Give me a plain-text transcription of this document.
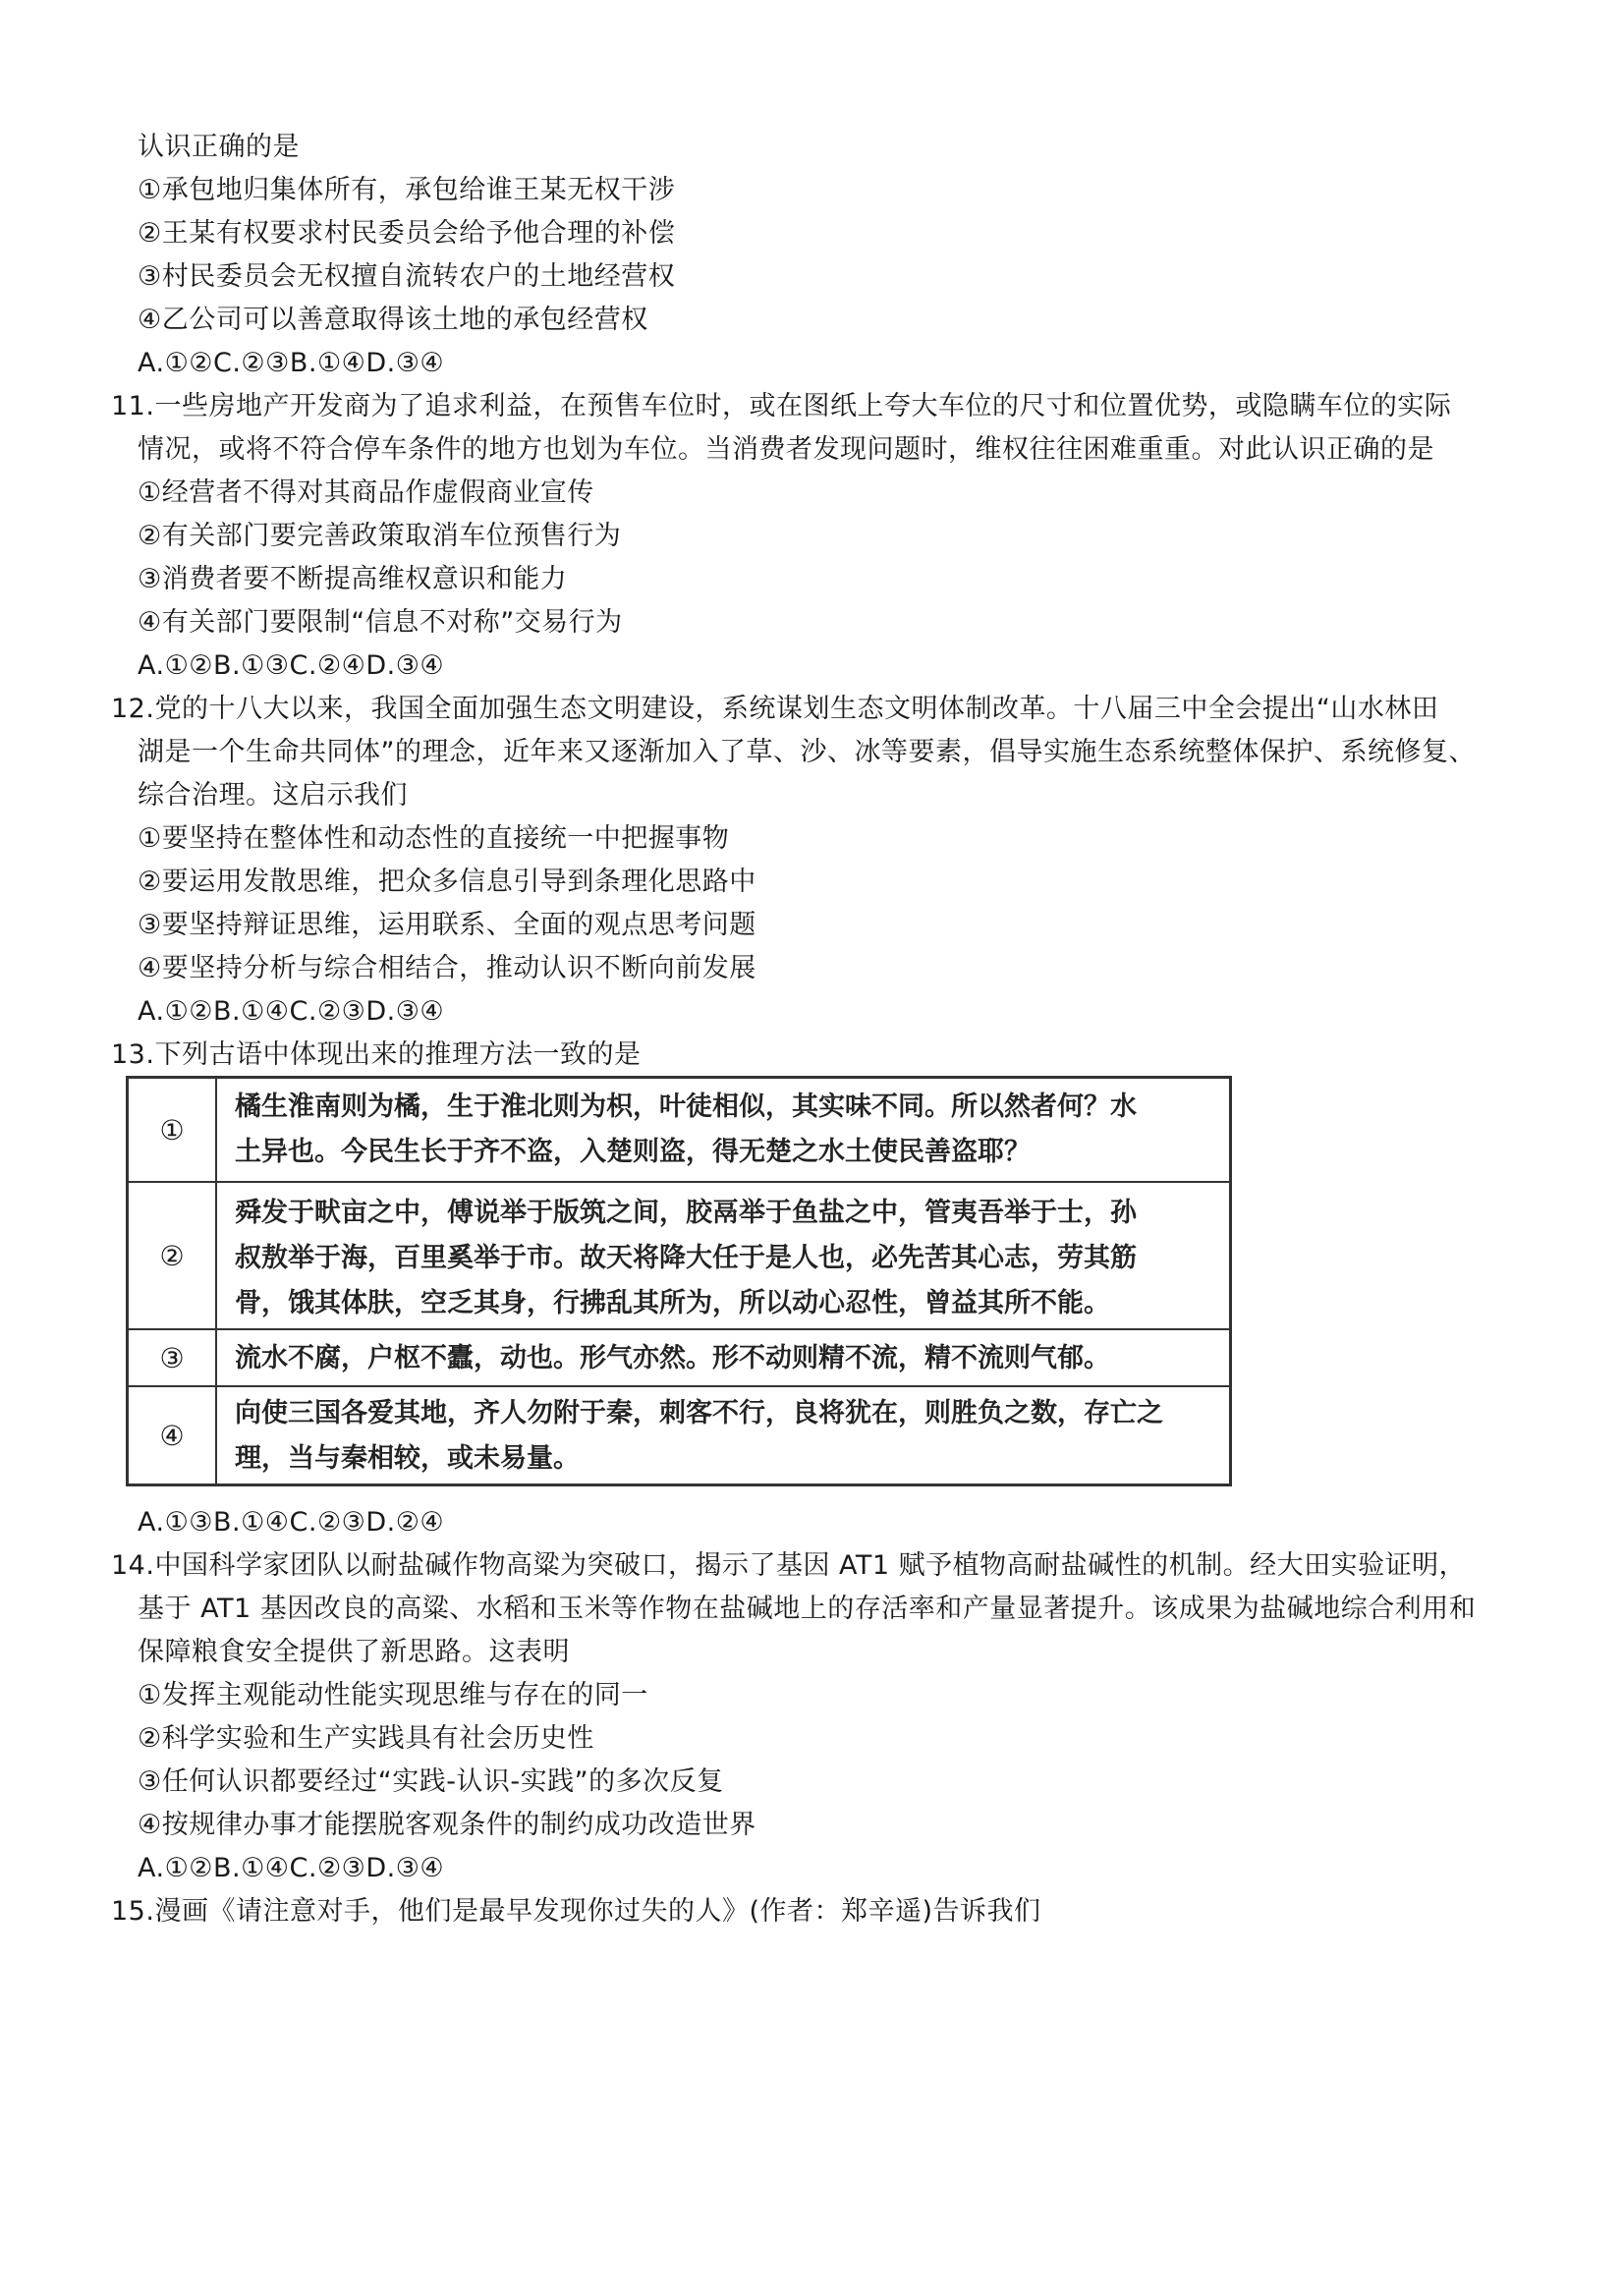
认识正确的是
①承包地归集体所有，承包给谁王某无权干涉
②王某有权要求村民委员会给予他合理的补偿
③村民委员会无权擅自流转农户的土地经营权
④乙公司可以善意取得该土地的承包经营权
A.①②C.②③B.①④D.③④
11.一些房地产开发商为了追求利益，在预售车位时，或在图纸上夸大车位的尺寸和位置优势，或隐瞒车位的实际
情况，或将不符合停车条件的地方也划为车位。当消费者发现问题时，维权往往困难重重。对此认识正确的是
①经营者不得对其商品作虚假商业宣传
②有关部门要完善政策取消车位预售行为
③消费者要不断提高维权意识和能力
④有关部门要限制“信息不对称”交易行为
A.①②B.①③C.②④D.③④
12.党的十八大以来，我国全面加强生态文明建设，系统谋划生态文明体制改革。十八届三中全会提出“山水林田
湖是一个生命共同体”的理念，近年来又逐渐加入了草、沙、冰等要素，倡导实施生态系统整体保护、系统修复、
综合治理。这启示我们
①要坚持在整体性和动态性的直接统一中把握事物
②要运用发散思维，把众多信息引导到条理化思路中
③要坚持辩证思维，运用联系、全面的观点思考问题
④要坚持分析与综合相结合，推动认识不断向前发展
A.①②B.①④C.②③D.③④
13.下列古语中体现出来的推理方法一致的是
①
橘生淮南则为橘，生于淮北则为枳，叶徒相似，其实味不同。所以然者何？水
土异也。今民生长于齐不盗，入楚则盗，得无楚之水土使民善盗耶？
②
舜发于畎亩之中，傅说举于版筑之间，胶鬲举于鱼盐之中，管夷吾举于士，孙
叔敖举于海，百里奚举于市。故天将降大任于是人也，必先苦其心志，劳其筋
骨，饿其体肤，空乏其身，行拂乱其所为，所以动心忍性，曾益其所不能。
③	流水不腐，户枢不蠹，动也。形气亦然。形不动则精不流，精不流则气郁。
④
向使三国各爱其地，齐人勿附于秦，刺客不行，良将犹在，则胜负之数，存亡之
理，当与秦相较，或未易量。
A.①③B.①④C.②③D.②④
14.中国科学家团队以耐盐碱作物高粱为突破口，揭示了基因 AT1 赋予植物高耐盐碱性的机制。经大田实验证明，
基于 AT1 基因改良的高粱、水稻和玉米等作物在盐碱地上的存活率和产量显著提升。该成果为盐碱地综合利用和
保障粮食安全提供了新思路。这表明
①发挥主观能动性能实现思维与存在的同一
②科学实验和生产实践具有社会历史性
③任何认识都要经过“实践-认识-实践”的多次反复
④按规律办事才能摆脱客观条件的制约成功改造世界
A.①②B.①④C.②③D.③④
15.漫画《请注意对手，他们是最早发现你过失的人》(作者：郑辛遥)告诉我们
